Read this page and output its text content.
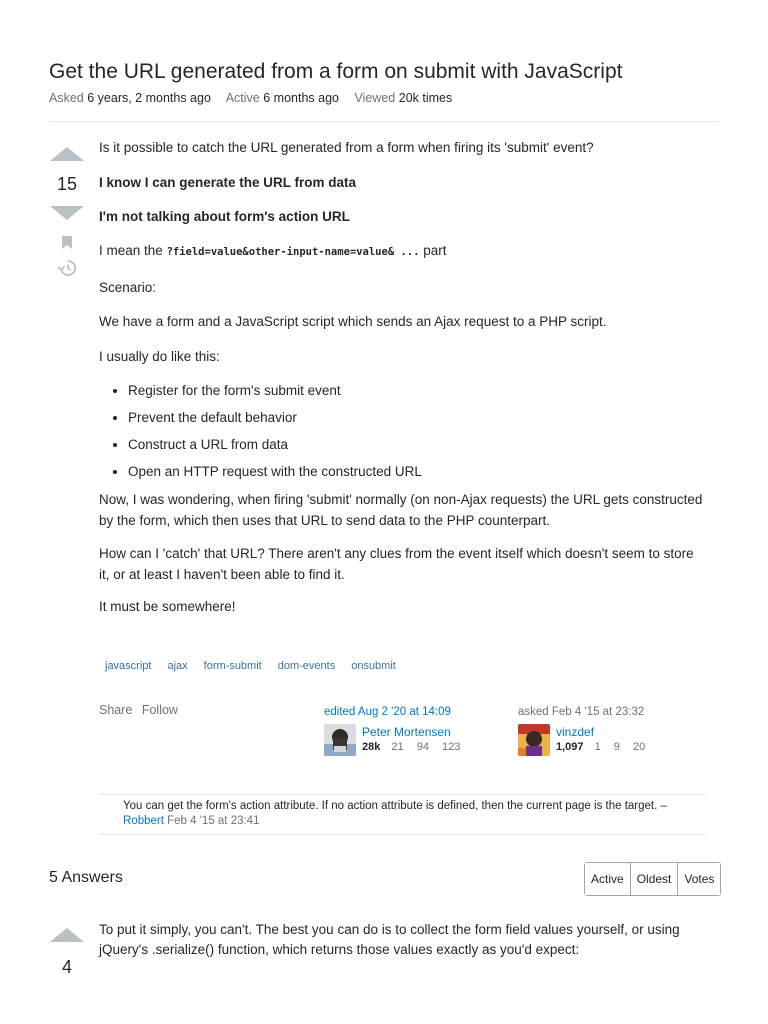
Get the URL generated from a form on submit with JavaScript
Asked 6 years, 2 months ago Active 6 months ago Viewed 20k times
15

Is it possible to catch the URL generated from a form when firing its 'submit' event?

I know I can generate the URL from data

I'm not talking about form's action URL

I mean the ?field=value&other-input-name=value& ... part

Scenario:

We have a form and a JavaScript script which sends an Ajax request to a PHP script.

I usually do like this:

• Register for the form's submit event
• Prevent the default behavior
• Construct a URL from data
• Open an HTTP request with the constructed URL

Now, I was wondering, when firing 'submit' normally (on non-Ajax requests) the URL gets constructed by the form, which then uses that URL to send data to the PHP counterpart.

How can I 'catch' that URL? There aren't any clues from the event itself which doesn't seem to store it, or at least I haven't been able to find it.

It must be somewhere!

javascript	ajax	form-submit	dom-events	onsubmit
Share Follow	edited Aug 2 '20 at 14:09
Peter Mortensen
28k 21 94 123
asked Feb 4 '15 at 23:32
vinzdef
1,097 1 9 20
You can get the form's action attribute. If no action attribute is defined, then the current page is the target. – Robbert Feb 4 '15 at 23:41
5 Answers	Active	Oldest	Votes
4

To put it simply, you can't. The best you can do is to collect the form field values yourself, or using jQuery's .serialize() function, which returns those values exactly as you'd expect:
